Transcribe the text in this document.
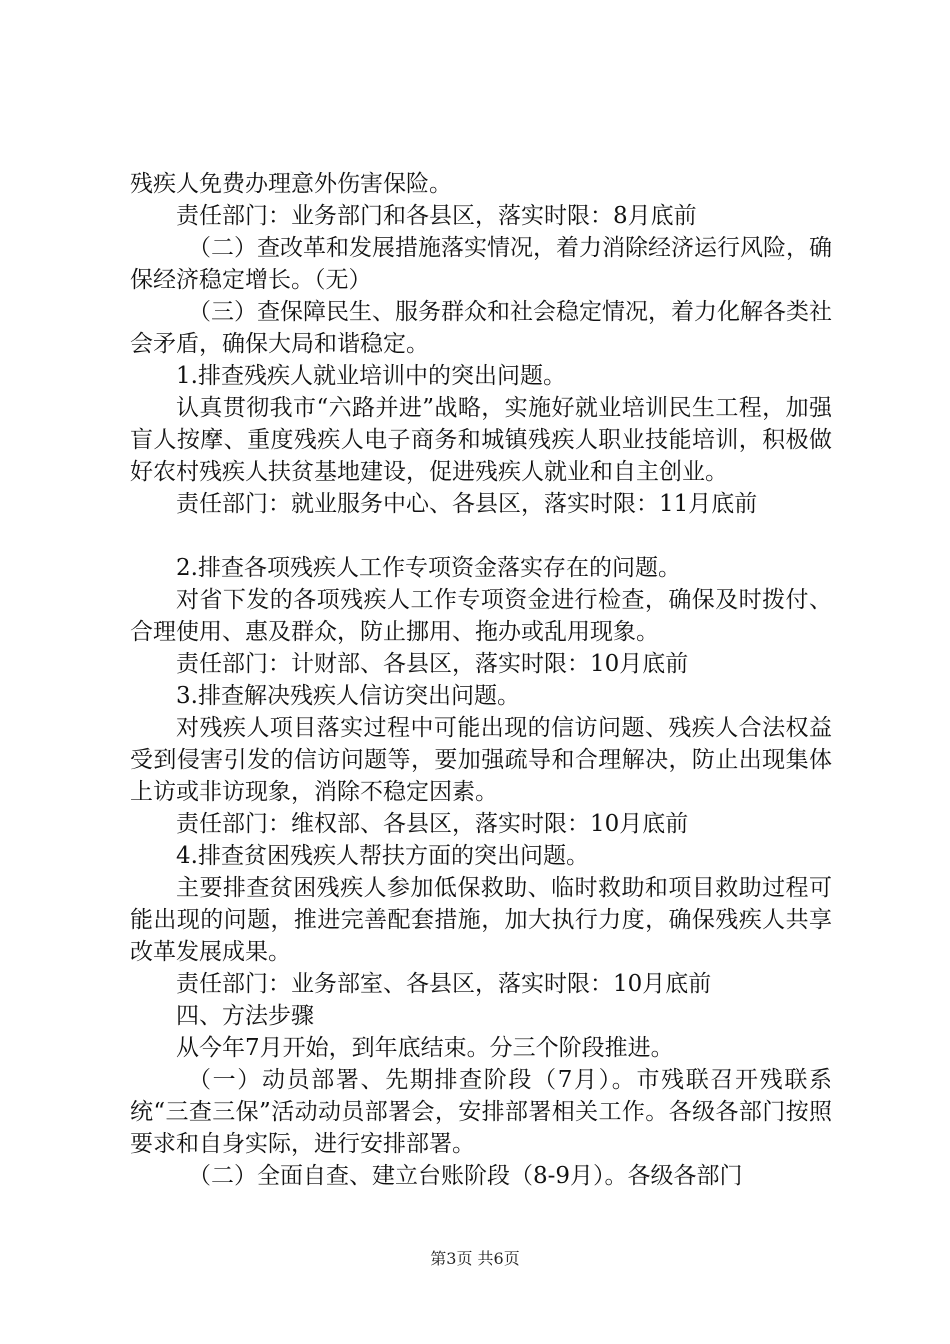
残疾人免费办理意外伤害保险。

责任部门：业务部门和各县区，落实时限：8月底前

（二）查改革和发展措施落实情况，着力消除经济运行风险，确保经济稳定增长。（无）

（三）查保障民生、服务群众和社会稳定情况，着力化解各类社会矛盾，确保大局和谐稳定。

1.排查残疾人就业培训中的突出问题。

认真贯彻我市“六路并进”战略，实施好就业培训民生工程，加强盲人按摩、重度残疾人电子商务和城镇残疾人职业技能培训，积极做好农村残疾人扶贫基地建设，促进残疾人就业和自主创业。

责任部门：就业服务中心、各县区，落实时限：11月底前

2.排查各项残疾人工作专项资金落实存在的问题。

对省下发的各项残疾人工作专项资金进行检查，确保及时拨付、合理使用、惠及群众，防止挪用、拖办或乱用现象。

责任部门：计财部、各县区，落实时限：10月底前

3.排查解决残疾人信访突出问题。

对残疾人项目落实过程中可能出现的信访问题、残疾人合法权益受到侵害引发的信访问题等，要加强疏导和合理解决，防止出现集体上访或非访现象，消除不稳定因素。

责任部门：维权部、各县区，落实时限：10月底前

4.排查贫困残疾人帮扶方面的突出问题。

主要排查贫困残疾人参加低保救助、临时救助和项目救助过程可能出现的问题，推进完善配套措施，加大执行力度，确保残疾人共享改革发展成果。

责任部门：业务部室、各县区，落实时限：10月底前

四、方法步骤

从今年7月开始，到年底结束。分三个阶段推进。

（一）动员部署、先期排查阶段（7月）。市残联召开残联系统“三查三保”活动动员部署会，安排部署相关工作。各级各部门按照要求和自身实际，进行安排部署。

（二）全面自查、建立台账阶段（8-9月）。各级各部门

第3页 共6页
